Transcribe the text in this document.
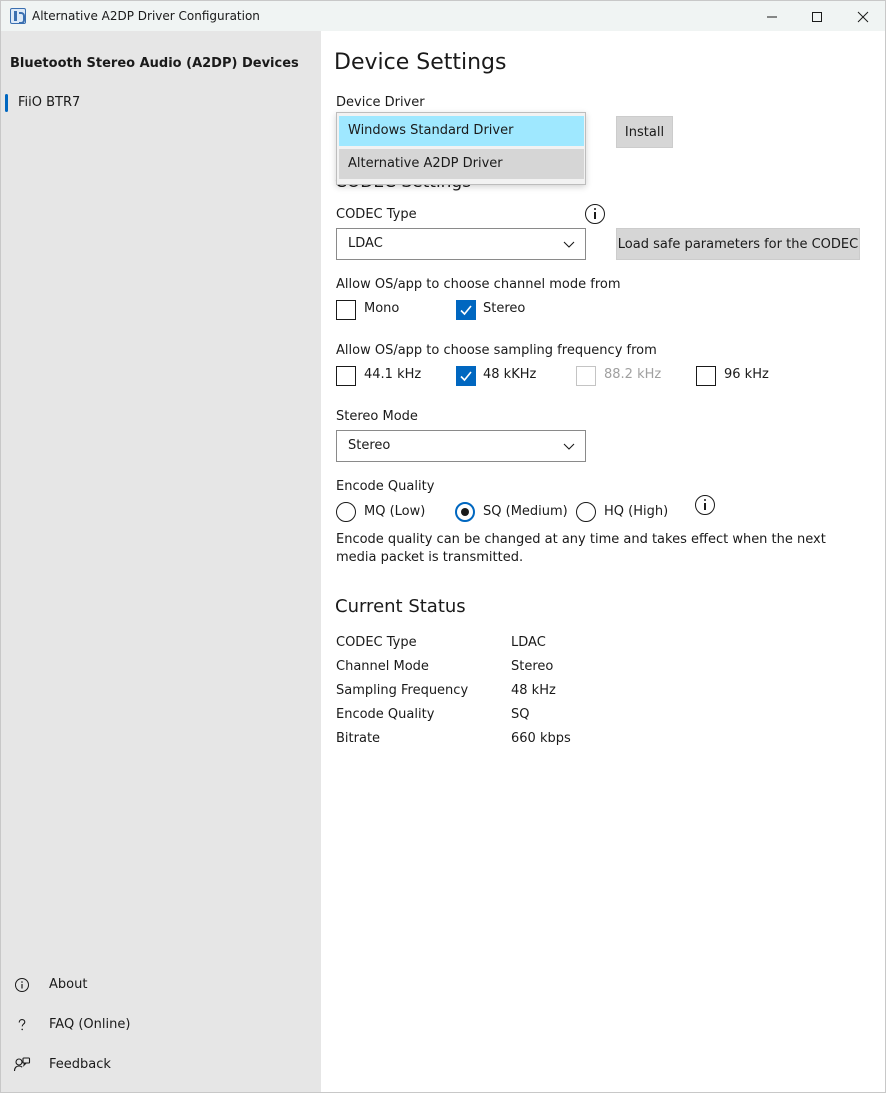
Alternative A2DP Driver Configuration
Bluetooth Stereo Audio (A2DP) Devices
FiiO BTR7
About
FAQ (Online)
Feedback
Device Settings
Device Driver
Install
CODEC Type
LDAC	Load safe parameters for the CODEC
Allow OS/app to choose channel mode from
Mono	Stereo
Allow OS/app to choose sampling frequency from
44.1 kHz	48 kKHz	88.2 kHz	96 kHz
Stereo Mode
Stereo
Encode Quality
MQ (Low)	SQ (Medium)	HQ (High)
Encode quality can be changed at any time and takes effect when the next media packet is transmitted.
Current Status
CODEC Type	LDAC
Channel Mode	Stereo
Sampling Frequency	48 kHz
Encode Quality	SQ
Bitrate	660 kbps
Windows Standard Driver
Alternative A2DP Driver
